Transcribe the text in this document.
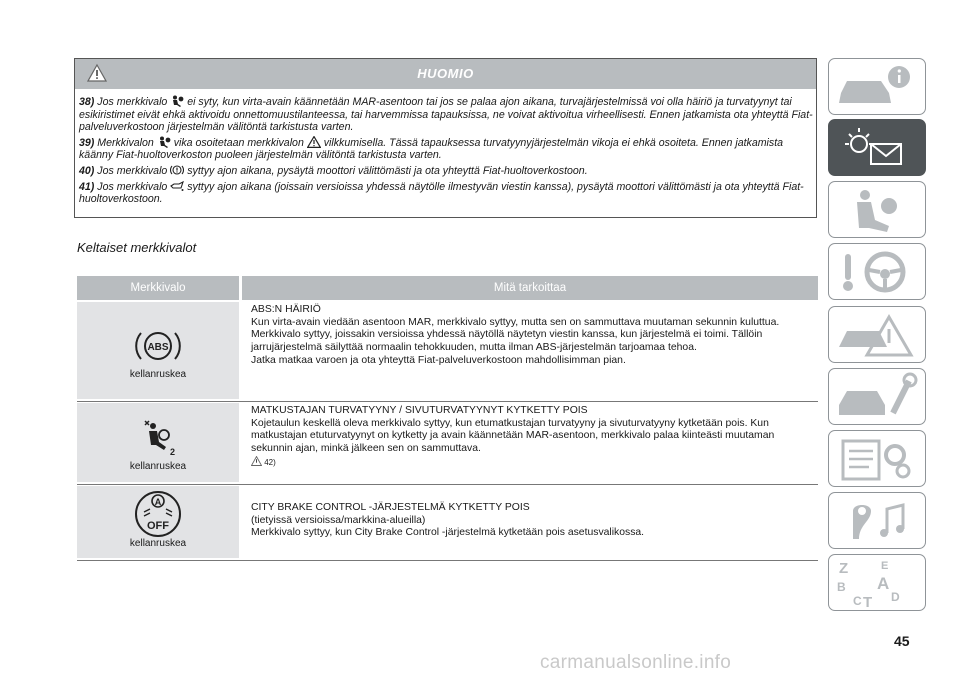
HUOMIO

38) Jos merkkivalo ei syty, kun virta-avain käännetään MAR-asentoon tai jos se palaa ajon aikana, turvajärjestelmissä voi olla häiriö ja turvatyynyt tai esikiristimet eivät ehkä aktivoidu onnettomuustilanteessa, tai harvemmissa tapauksissa, ne voivat aktivoitua virheellisesti. Ennen jatkamista ota yhteyttä Fiat-palveluverkostoon järjestelmän välitöntä tarkistusta varten.

39) Merkkivalon vika osoitetaan merkkivalon vilkkumisella. Tässä tapauksessa turvatyynyjärjestelmän vikoja ei ehkä osoiteta. Ennen jatkamista käänny Fiat-huoltoverkoston puoleen järjestelmän välitöntä tarkistusta varten.

40) Jos merkkivalo syttyy ajon aikana, pysäytä moottori välittömästi ja ota yhteyttä Fiat-huoltoverkostoon.

41) Jos merkkivalo syttyy ajon aikana (joissain versioissa yhdessä näytölle ilmestyvän viestin kanssa), pysäytä moottori välittömästi ja ota yhteyttä Fiat-huoltoverkostoon.

Keltaiset merkkivalot
Merkkivalo	Mitä tarkoittaa
ABS
kellanruskea

ABS:N HÄIRIÖ

Kun virta-avain viedään asentoon MAR, merkkivalo syttyy, mutta sen on sammuttava muutaman sekunnin kuluttua. Merkkivalo syttyy, joissakin versioissa yhdessä näytöllä näytetyn viestin kanssa, kun järjestelmä ei toimi. Tällöin jarrujärjestelmä säilyttää normaalin tehokkuuden, mutta ilman ABS-järjestelmän tarjoamaa tehoa.

Jatka matkaa varoen ja ota yhteyttä Fiat-palveluverkostoon mahdollisimman pian.

2
kellanruskea

MATKUSTAJAN TURVATYYNY / SIVUTURVATYYNYT KYTKETTY POIS

Kojetaulun keskellä oleva merkkivalo syttyy, kun etumatkustajan turvatyyny ja sivuturvatyyny kytketään pois. Kun matkustajan etuturvatyynyt on kytketty ja avain käännetään MAR-asentoon, merkkivalo palaa kiinteästi muutaman sekunnin ajan, minkä jälkeen sen on sammuttava.

42)

A
OFF
kellanruskea

CITY BRAKE CONTROL -JÄRJESTELMÄ KYTKETTY POIS

(tietyissä versioissa/markkina-alueilla)

Merkkivalo syttyy, kun City Brake Control -järjestelmä kytketään pois asetusvalikossa.

Z	E
B A
C T D
45
carmanualsonline.info
